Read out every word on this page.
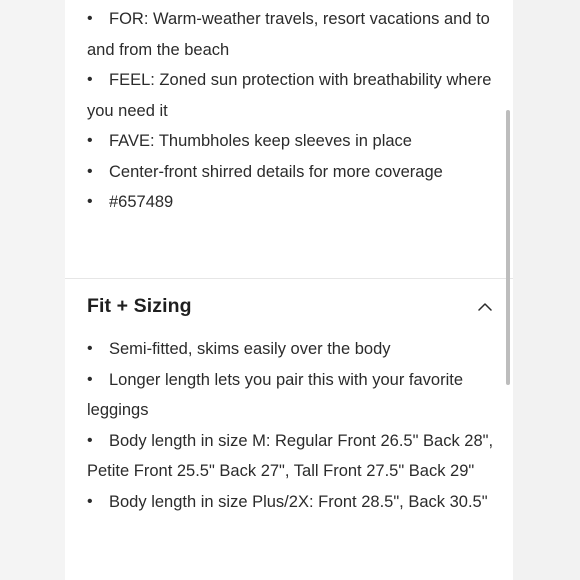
• FOR: Warm-weather travels, resort vacations and to and from the beach
• FEEL: Zoned sun protection with breathability where you need it
• FAVE: Thumbholes keep sleeves in place
• Center-front shirred details for more coverage
• #657489
Fit + Sizing
• Semi-fitted, skims easily over the body
• Longer length lets you pair this with your favorite leggings
• Body length in size M: Regular Front 26.5" Back 28", Petite Front 25.5" Back 27", Tall Front 27.5" Back 29"
• Body length in size Plus/2X: Front 28.5", Back 30.5"
